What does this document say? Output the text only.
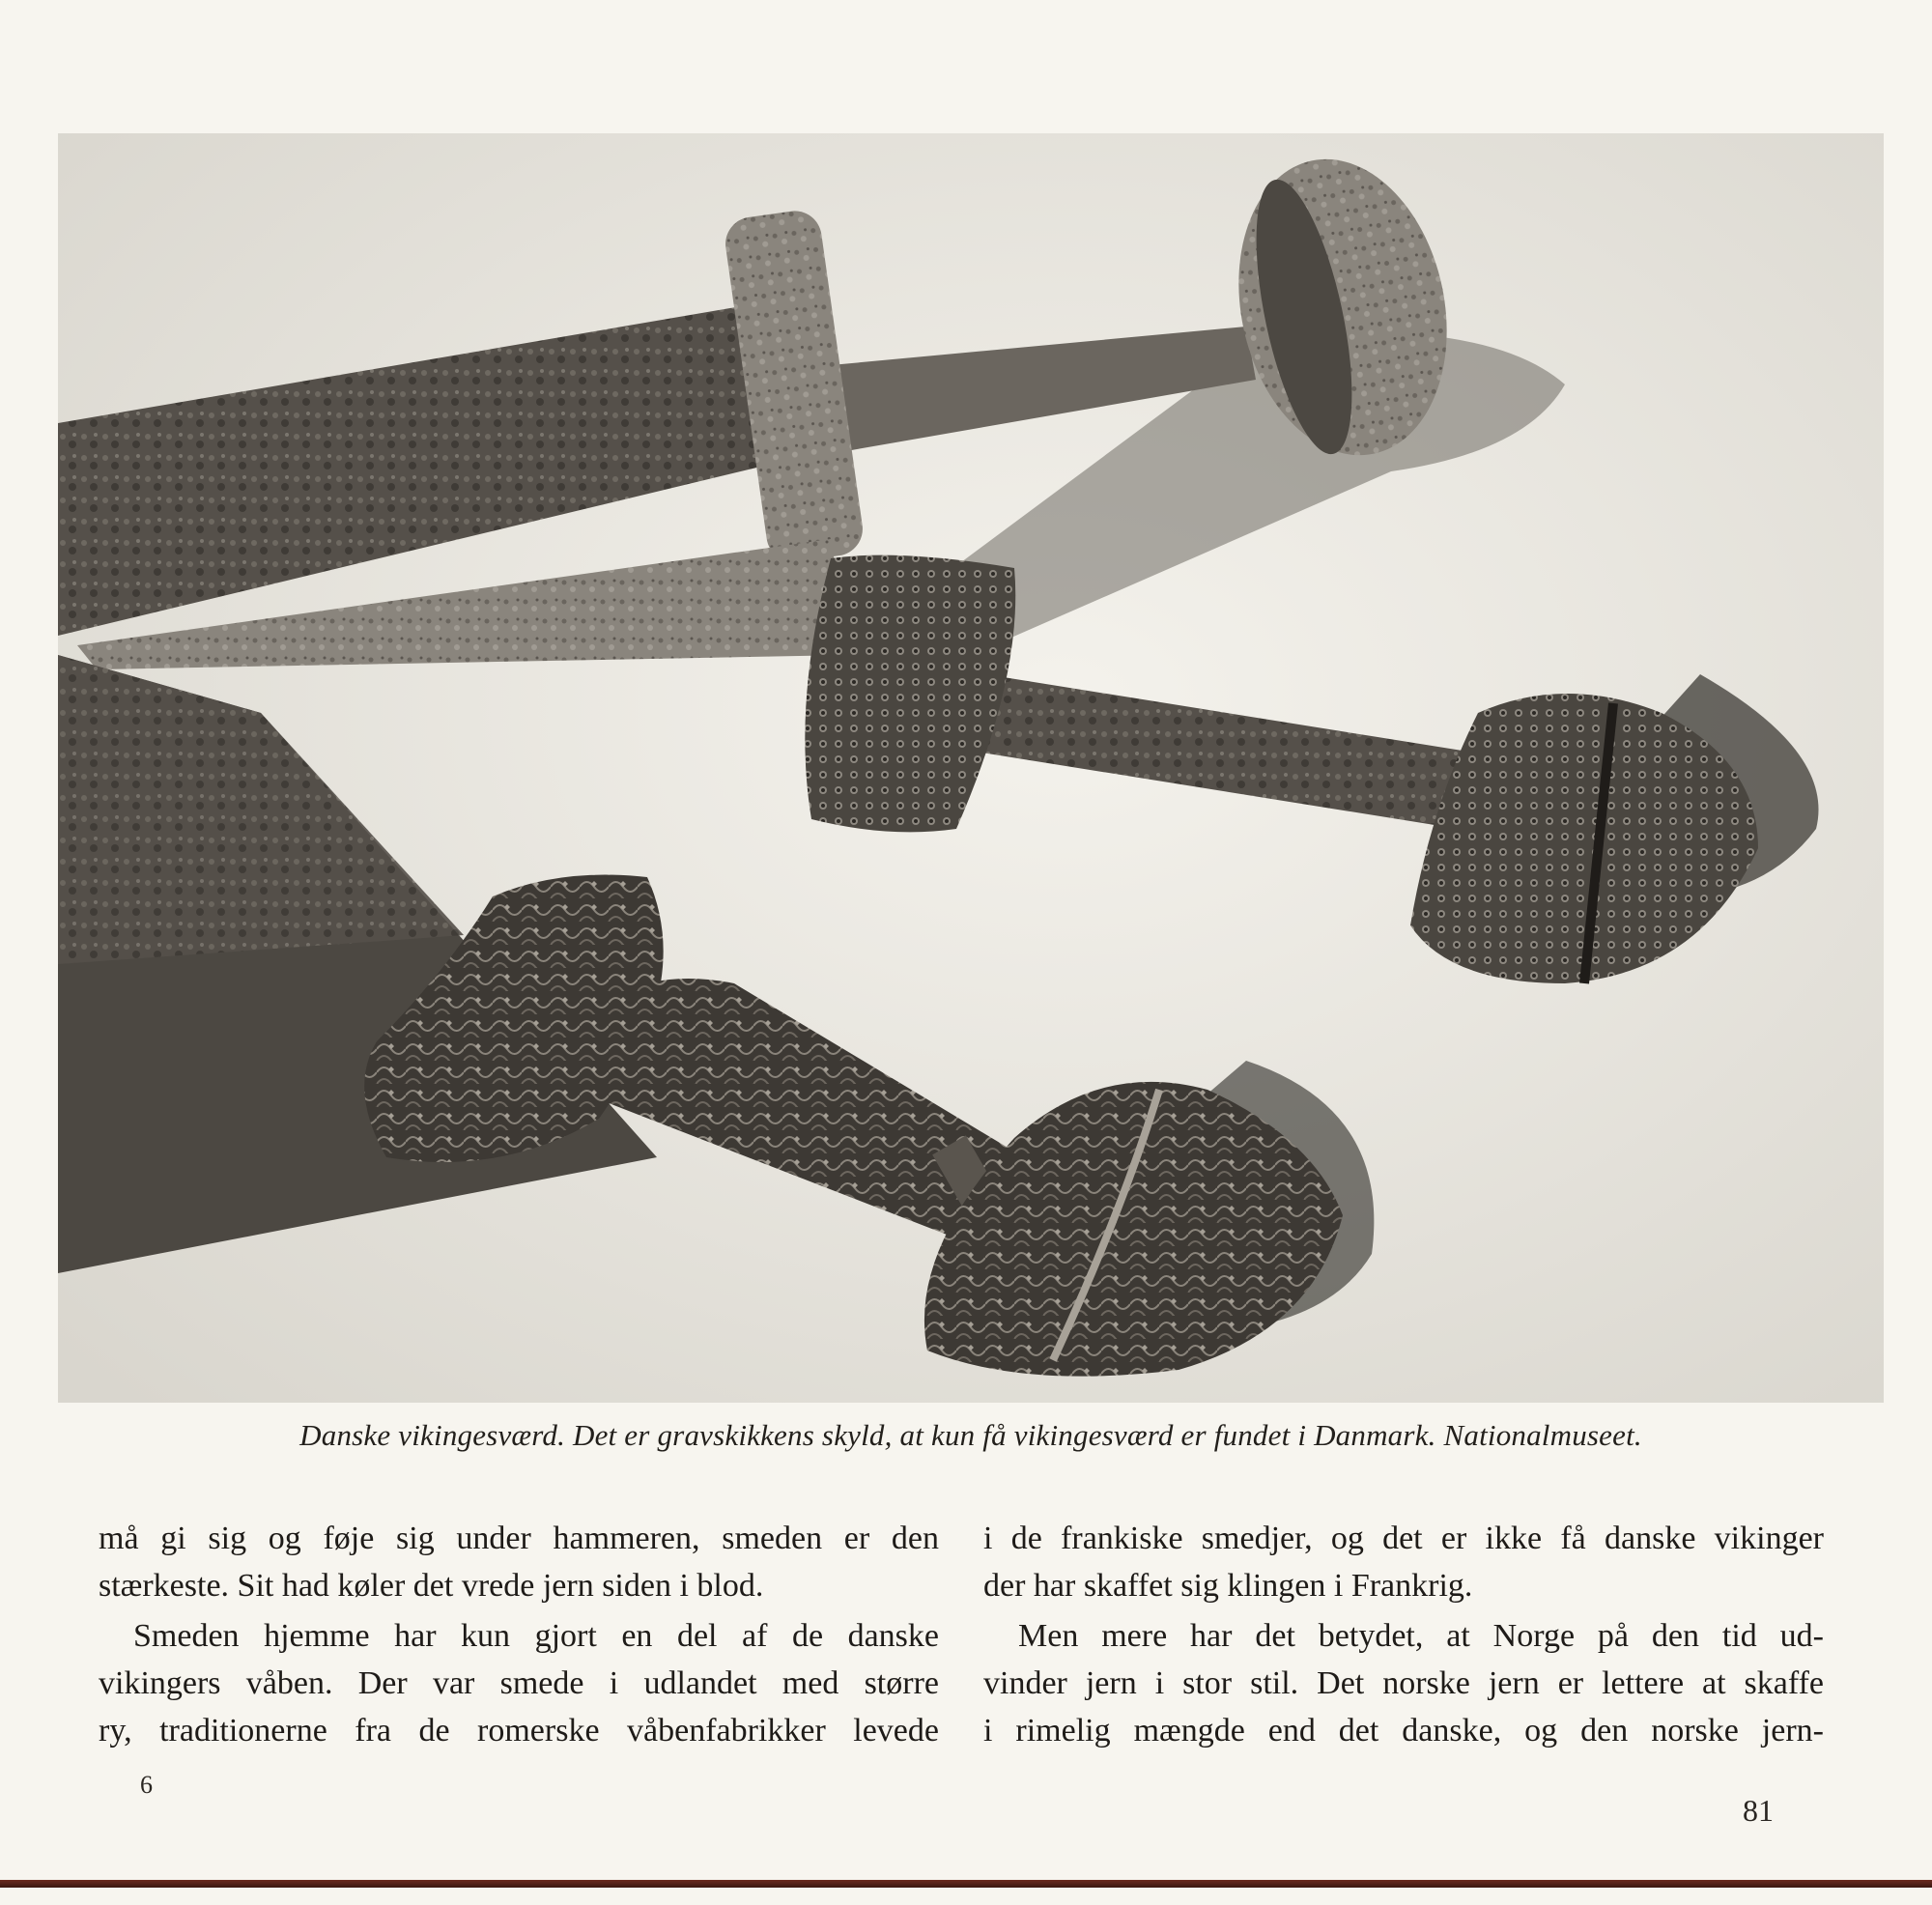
Danske vikingesværd. Det er gravskikkens skyld, at kun få vikingesværd er fundet i Danmark. Nationalmuseet.

må gi sig og føje sig under hammeren, smeden er den
stærkeste. Sit had køler det vrede jern siden i blod.

Smeden hjemme har kun gjort en del af de danske
vikingers våben. Der var smede i udlandet med større
ry, traditionerne fra de romerske våbenfabrikker levede

i de frankiske smedjer, og det er ikke få danske vikinger
der har skaffet sig klingen i Frankrig.

Men mere har det betydet, at Norge på den tid ud-
vinder jern i stor stil. Det norske jern er lettere at skaffe
i rimelig mængde end det danske, og den norske jern-

6
81
